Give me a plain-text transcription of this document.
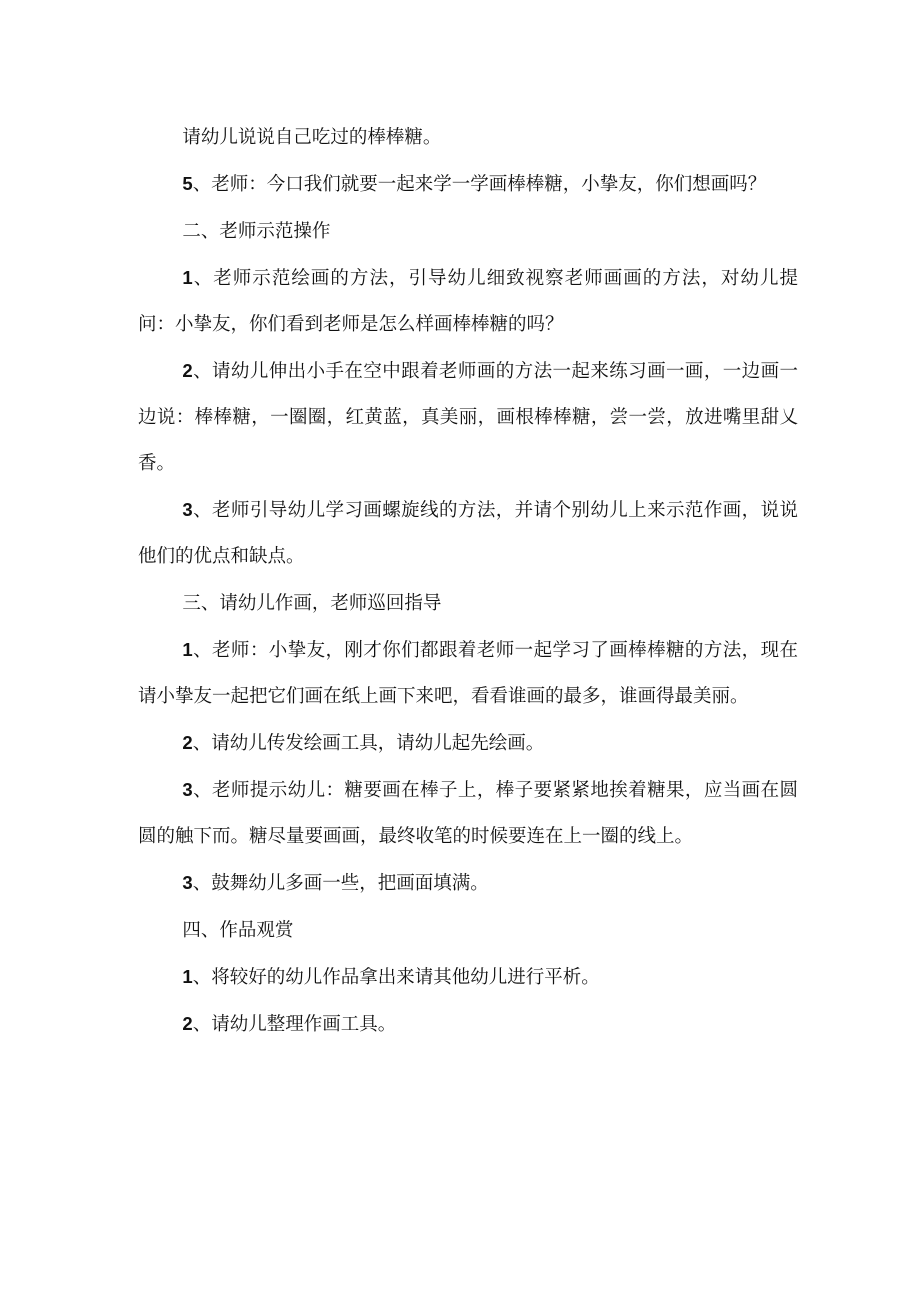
请幼儿说说自己吃过的棒棒糖。

5、老师：今口我们就要一起来学一学画棒棒糖，小挚友，你们想画吗？

二、老师示范操作

1、老师示范绘画的方法，引导幼儿细致视察老师画画的方法，对幼儿提问：小挚友，你们看到老师是怎么样画棒棒糖的吗？

2、请幼儿伸出小手在空中跟着老师画的方法一起来练习画一画，一边画一边说：棒棒糖，一圈圈，红黄蓝，真美丽，画根棒棒糖，尝一尝，放进嘴里甜乂香。

3、老师引导幼儿学习画螺旋线的方法，并请个别幼儿上来示范作画，说说他们的优点和缺点。

三、请幼儿作画，老师巡回指导

1、老师：小挚友，刚才你们都跟着老师一起学习了画棒棒糖的方法，现在请小挚友一起把它们画在纸上画下来吧，看看谁画的最多，谁画得最美丽。

2、请幼儿传发绘画工具，请幼儿起先绘画。

3、老师提示幼儿：糖要画在棒子上，棒子要紧紧地挨着糖果，应当画在圆圆的触下而。糖尽量要画画，最终收笔的时候要连在上一圈的线上。

3、鼓舞幼儿多画一些，把画面填满。

四、作品观赏

1、将较好的幼儿作品拿出来请其他幼儿进行平析。

2、请幼儿整理作画工具。
